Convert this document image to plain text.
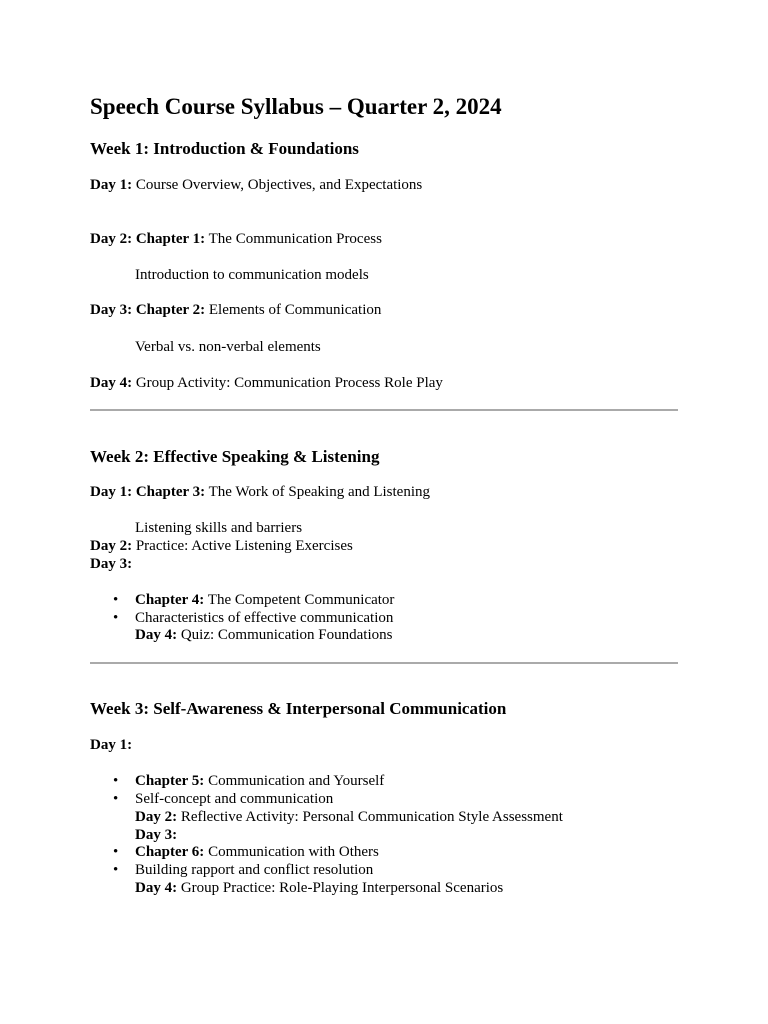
Speech Course Syllabus – Quarter 2, 2024
Week 1: Introduction & Foundations
Day 1: Course Overview, Objectives, and Expectations
Day 2: Chapter 1: The Communication Process
Introduction to communication models
Day 3: Chapter 2: Elements of Communication
Verbal vs. non-verbal elements
Day 4: Group Activity: Communication Process Role Play
Week 2: Effective Speaking & Listening
Day 1: Chapter 3: The Work of Speaking and Listening
Listening skills and barriers
Day 2: Practice: Active Listening Exercises
Day 3:
• Chapter 4: The Competent Communicator
• Characteristics of effective communication
Day 4: Quiz: Communication Foundations
Week 3: Self-Awareness & Interpersonal Communication
Day 1:
• Chapter 5: Communication and Yourself
• Self-concept and communication
Day 2: Reflective Activity: Personal Communication Style Assessment
Day 3:
• Chapter 6: Communication with Others
• Building rapport and conflict resolution
Day 4: Group Practice: Role-Playing Interpersonal Scenarios
